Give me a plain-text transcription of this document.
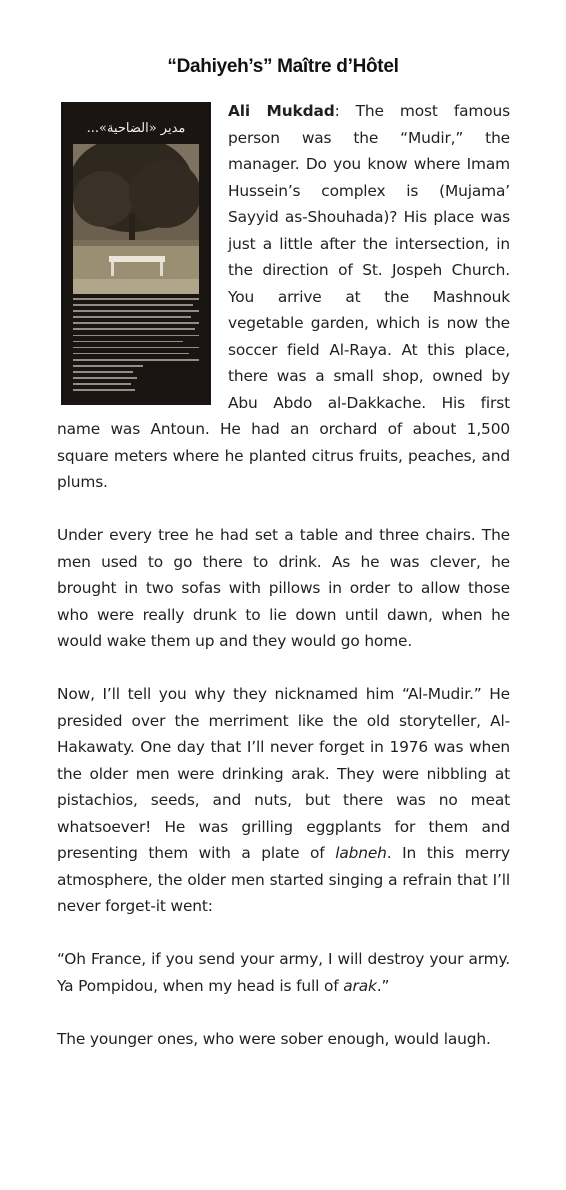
“Dahiyeh’s” Maître d’Hôtel

مدير «الضاحية»...
Ali Mukdad: The most famous person was the “Mudir,” the manager. Do you know where Imam Hussein’s complex is (Mujama’ Sayyid as-Shouhada)? His place was just a little after the intersection, in the direction of St. Jospeh Church. You arrive at the Mashnouk vegetable garden, which is now the soccer field Al-Raya. At this place, there was a small shop, owned by Abu Abdo al-Dakkache. His first name was Antoun. He had an orchard of about 1,500 square meters where he planted citrus fruits, peaches, and plums.

Under every tree he had set a table and three chairs. The men used to go there to drink. As he was clever, he brought in two sofas with pillows in order to allow those who were really drunk to lie down until dawn, when he would wake them up and they would go home.

Now, I’ll tell you why they nicknamed him “Al-Mudir.” He presided over the merriment like the old storyteller, Al-Hakawaty. One day that I’ll never forget in 1976 was when the older men were drinking arak. They were nibbling at pistachios, seeds, and nuts, but there was no meat whatsoever! He was grilling eggplants for them and presenting them with a plate of labneh. In this merry atmosphere, the older men started singing a refrain that I’ll never forget-it went:

“Oh France, if you send your army, I will destroy your army. Ya Pompidou, when my head is full of arak.”

The younger ones, who were sober enough, would laugh.
